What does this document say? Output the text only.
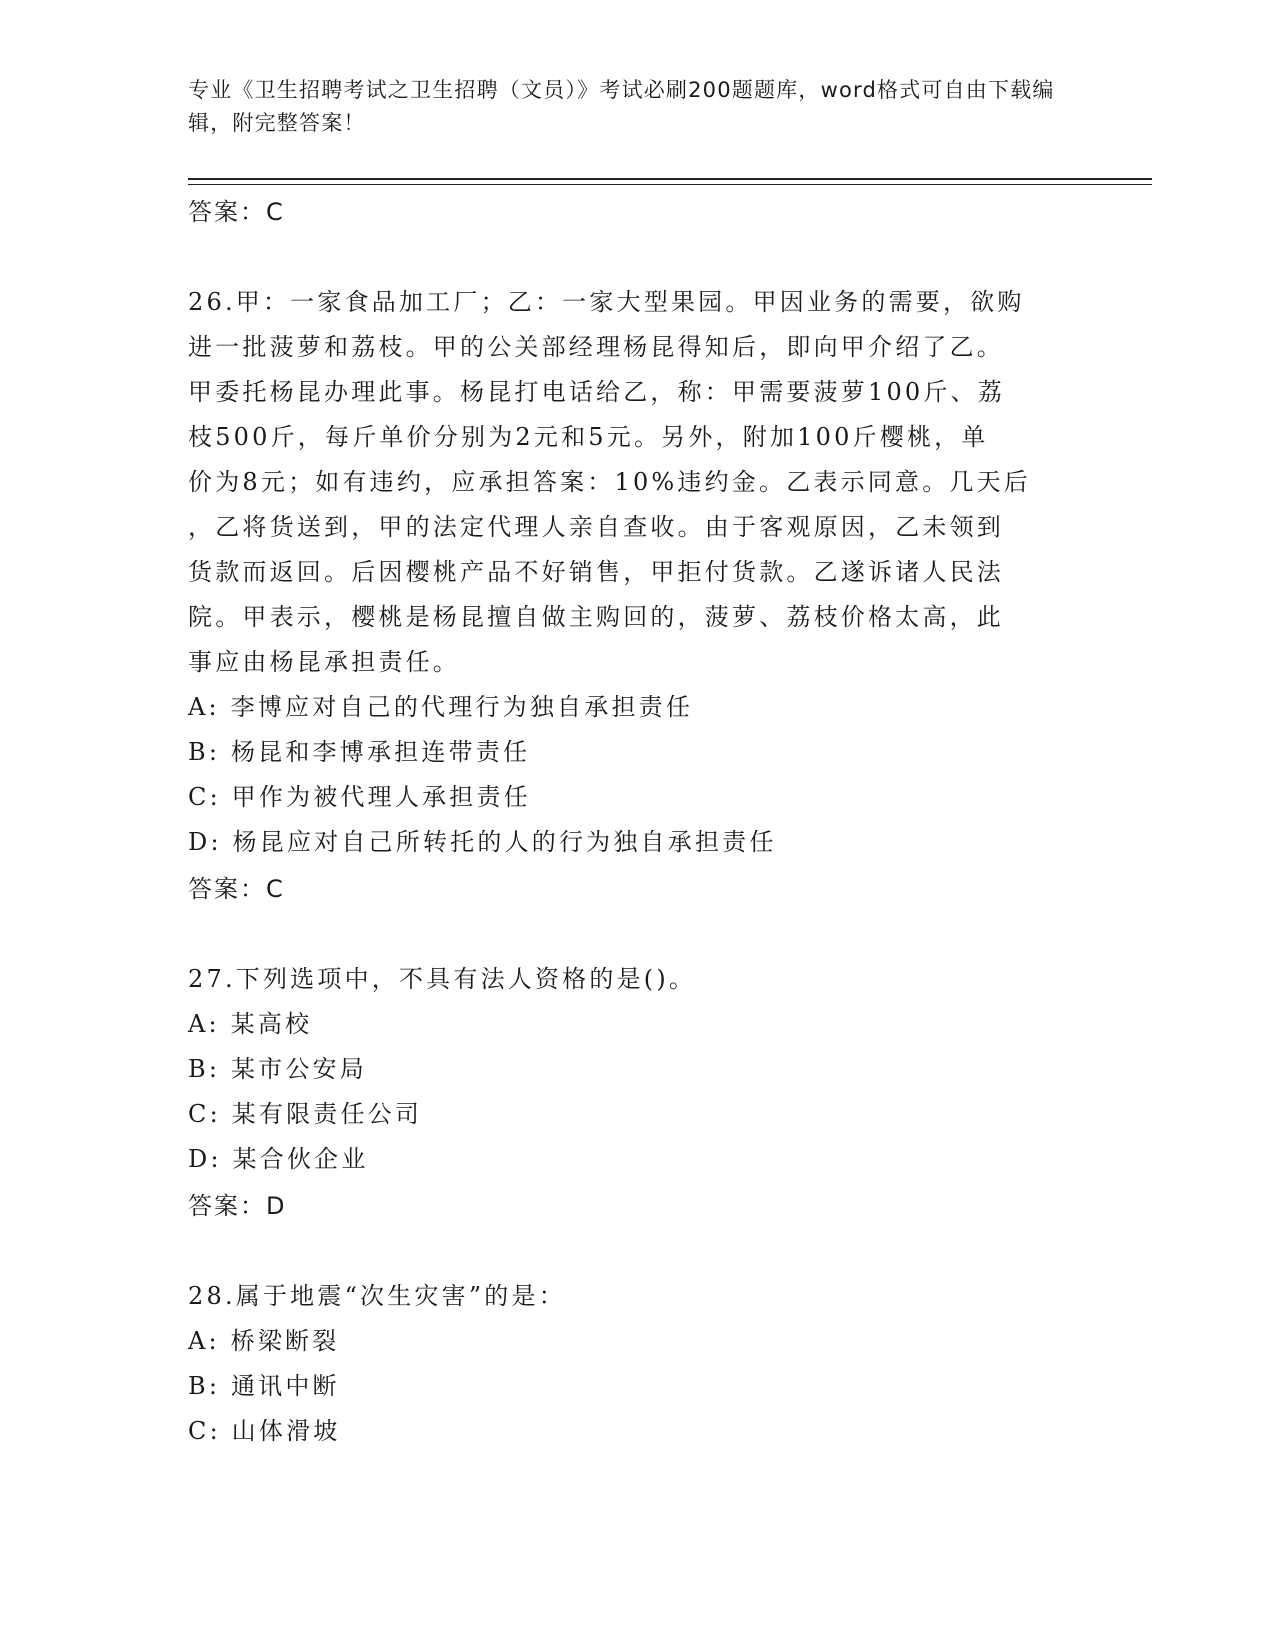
专业《卫生招聘考试之卫生招聘（文员）》考试必刷200题题库，word格式可自由下载编辑，附完整答案！

答案：C

26.甲：一家食品加工厂；乙：一家大型果园。甲因业务的需要，欲购
进一批菠萝和荔枝。甲的公关部经理杨昆得知后，即向甲介绍了乙。
甲委托杨昆办理此事。杨昆打电话给乙，称：甲需要菠萝100斤、荔
枝500斤，每斤单价分别为2元和5元。另外，附加100斤樱桃，单
价为8元；如有违约，应承担答案：10%违约金。乙表示同意。几天后
，乙将货送到，甲的法定代理人亲自查收。由于客观原因，乙未领到
货款而返回。后因樱桃产品不好销售，甲拒付货款。乙遂诉诸人民法
院。甲表示，樱桃是杨昆擅自做主购回的，菠萝、荔枝价格太高，此
事应由杨昆承担责任。

A: 李博应对自己的代理行为独自承担责任

B: 杨昆和李博承担连带责任

C: 甲作为被代理人承担责任

D: 杨昆应对自己所转托的人的行为独自承担责任

答案：C

27.下列选项中，不具有法人资格的是()。

A: 某高校

B: 某市公安局

C: 某有限责任公司

D: 某合伙企业

答案：D

28.属于地震“次生灾害”的是：

A: 桥梁断裂

B: 通讯中断

C: 山体滑坡
